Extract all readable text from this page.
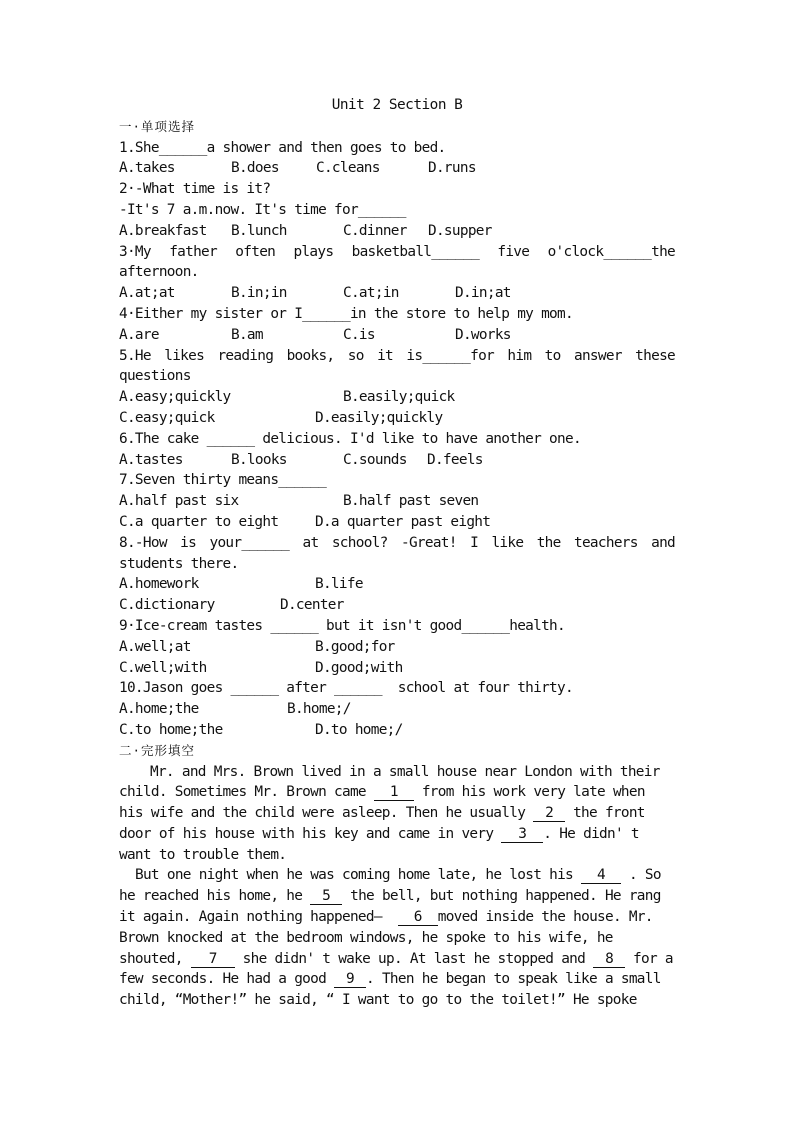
Unit 2 Section B
一·单项选择
1.She______a shower and then goes to bed.
A.takes	B.does	C.cleans	D.runs
2·-What time is it?
-It's 7 a.m.now. It's time for______
A.breakfast	B.lunch	C.dinner	D.supper
3·My father often plays basketball______ five o'clock______the
afternoon.
A.at;at	B.in;in	C.at;in	D.in;at
4·Either my sister or I______in the store to help my mom.
A.are	B.am	C.is	D.works
5.He likes reading books, so it is______for him to answer these
questions
A.easy;quickly	B.easily;quick
C.easy;quick	D.easily;quickly
6.The cake ______ delicious. I'd like to have another one.
A.tastes	B.looks	C.sounds	D.feels
7.Seven thirty means______
A.half past six	B.half past seven
C.a quarter to eight	D.a quarter past eight
8.-How is your______ at school? -Great! I like the teachers and
students there.
A.homework	B.life
C.dictionary	D.center
9·Ice-cream tastes ______ but it isn't good______health.
A.well;at	B.good;for
C.well;with	D.good;with
10.Jason goes ______ after ______  school at four thirty.
A.home;the	B.home;/
C.to home;the	D.to home;/
二·完形填空
Mr. and Mrs. Brown lived in a small house near London with their
child. Sometimes Mr. Brown came 1 from his work very late when
his wife and the child were asleep. Then he usually 2 the front
door of his house with his key and came in very 3 . He didn' t
want to trouble them.
But one night when he was coming home late, he lost his 4 . So
he reached his home, he 5 the bell, but nothing happened. He rang
it again. Again nothing happened—  6 moved inside the house. Mr.
Brown knocked at the bedroom windows, he spoke to his wife, he
shouted, 7 she didn' t wake up. At last he stopped and 8 for a
few seconds. He had a good 9 . Then he began to speak like a small
child, “Mother!” he said, “ I want to go to the toilet!” He spoke
